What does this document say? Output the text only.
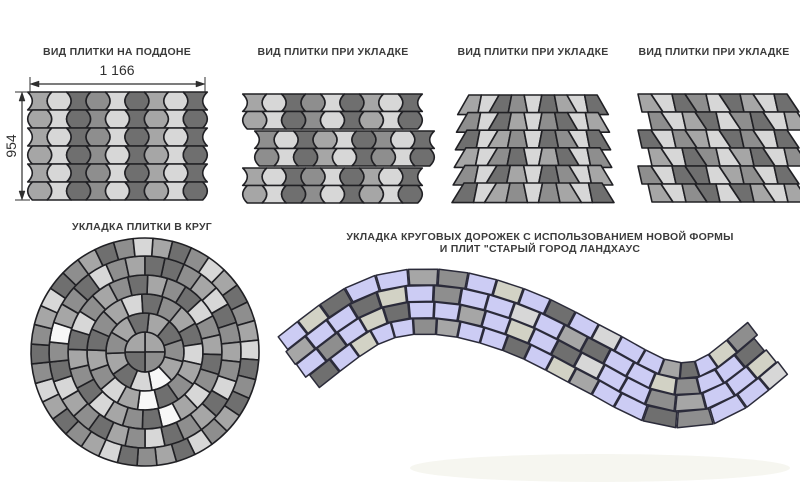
ВИД ПЛИТКИ НА ПОДДОНЕ	ВИД ПЛИТКИ ПРИ УКЛАДКЕ	ВИД ПЛИТКИ ПРИ УКЛАДКЕ	ВИД ПЛИТКИ ПРИ УКЛАДКЕ
1 166
954
УКЛАДКА ПЛИТКИ В КРУГ
УКЛАДКА КРУГОВЫХ ДОРОЖЕК С ИСПОЛЬЗОВАНИЕМ НОВОЙ ФОРМЫ
И ПЛИТ "СТАРЫЙ ГОРОД ЛАНДХАУС
